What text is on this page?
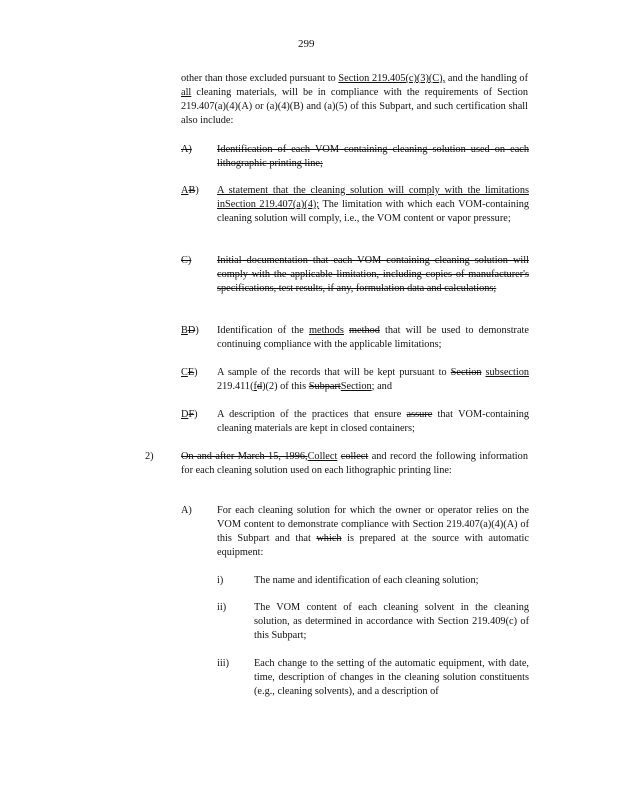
299
other than those excluded pursuant to Section 219.405(c)(3)(C), and the handling of all cleaning materials, will be in compliance with the requirements of Section 219.407(a)(4)(A) or (a)(4)(B) and (a)(5) of this Subpart, and such certification shall also include:
A) Identification of each VOM containing cleaning solution used on each lithographic printing line;
AB) A statement that the cleaning solution will comply with the limitations inSection 219.407(a)(4); The limitation with which each VOM-containing cleaning solution will comply, i.e., the VOM content or vapor pressure;
C) Initial documentation that each VOM containing cleaning solution will comply with the applicable limitation, including copies of manufacturer's specifications, test results, if any, formulation data and calculations;
BD) Identification of the methods method that will be used to demonstrate continuing compliance with the applicable limitations;
CE) A sample of the records that will be kept pursuant to Section subsection 219.411(fd)(2) of this SubpartSection; and
DF) A description of the practices that ensure assure that VOM-containing cleaning materials are kept in closed containers;
2)	On and after March 15, 1996,Collect collect and record the following information for each cleaning solution used on each lithographic printing line:
A) For each cleaning solution for which the owner or operator relies on the VOM content to demonstrate compliance with Section 219.407(a)(4)(A) of this Subpart and that which is prepared at the source with automatic equipment:
i)	The name and identification of each cleaning solution;
ii)	The VOM content of each cleaning solvent in the cleaning solution, as determined in accordance with Section 219.409(c) of this Subpart;
iii) Each change to the setting of the automatic equipment, with date, time, description of changes in the cleaning solution constituents (e.g., cleaning solvents), and a description of
